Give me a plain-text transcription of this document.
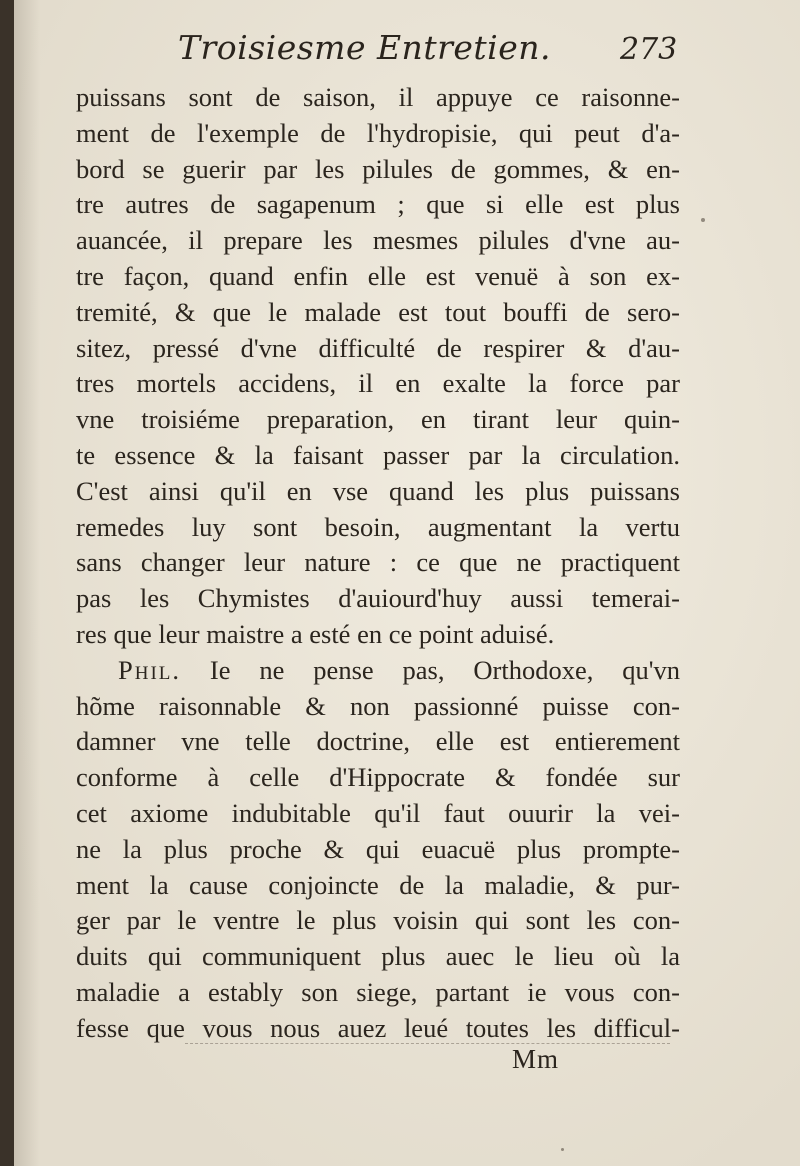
Troisiesme Entretien. 273
puissans sont de saison, il appuye ce raisonne-
ment de l'exemple de l'hydropisie, qui peut d'a-
bord se guerir par les pilules de gommes, & en-
tre autres de sagapenum ; que si elle est plus
auancée, il prepare les mesmes pilules d'vne au-
tre façon, quand enfin elle est venuë à son ex-
tremité, & que le malade est tout bouffi de sero-
sitez, pressé d'vne difficulté de respirer & d'au-
tres mortels accidens, il en exalte la force par
vne troisiéme preparation, en tirant leur quin-
te essence & la faisant passer par la circulation.
C'est ainsi qu'il en vse quand les plus puissans
remedes luy sont besoin, augmentant la vertu
sans changer leur nature : ce que ne practiquent
pas les Chymistes d'auiourd'huy aussi temerai-
res que leur maistre a esté en ce point aduisé.
Phil. Ie ne pense pas, Orthodoxe, qu'vn
hõme raisonnable & non passionné puisse con-
damner vne telle doctrine, elle est entierement
conforme à celle d'Hippocrate & fondée sur
cet axiome indubitable qu'il faut ouurir la vei-
ne la plus proche & qui euacuë plus prompte-
ment la cause conjoincte de la maladie, & pur-
ger par le ventre le plus voisin qui sont les con-
duits qui communiquent plus auec le lieu où la
maladie a estably son siege, partant ie vous con-
fesse que vous nous auez leué toutes les difficul-
Mm
